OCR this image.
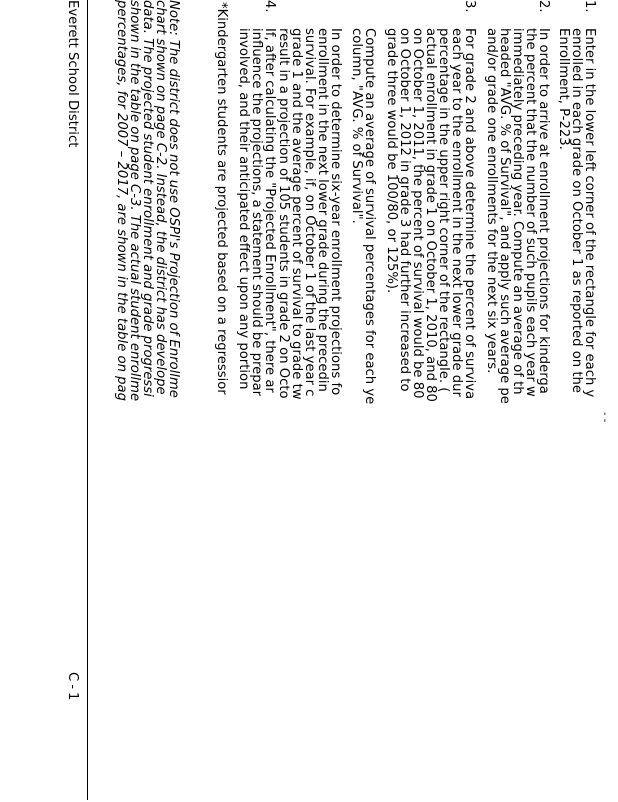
- -
1.
Enter in the lower left corner of the rectangle for each y
enrolled in each grade on October 1 as reported on the
Enrollment, P-223.
2.
In order to arrive at enrollment projections for kinderga
the percent that the number of such pupils each year w
immediately preceding year. Compute an average of th
headed "AVG. % of Survival", and apply such average pe
and/or grade one enrollments for the next six years.
3.
For grade 2 and above determine the percent of surviva
each year to the enrollment in the next lower grade dur
percentage in the upper right corner of the rectangle. (
actual enrollment in grade 1 on October 1, 2010, and 80
on October 1, 2011, the percent of survival would be 80
on October 1, 2012 in grade 3 had further increased to
grade three would be 100/80, or 125%).
Compute an average of survival percentages for each ye
column, "AVG. % of Survival".
In order to determine six-year enrollment projections fo
enrollment in the next lower grade during the precedin
survival. For example, if, on October 1 of the last year c
grade 1 and the average percent of survival to grade tw
result in a projection of 105 students in grade 2 on Octo
4.
If, after calculating the "Projected Enrollment", there ar
influence the projections, a statement should be prepar
involved, and their anticipated effect upon any portion
*Kindergarten students are projected based on a regressior
Note: The district does not use OSPI's Projection of Enrollme
chart shown on page C-2. Instead, the district has develope
data. The projected student enrollment and grade progressi
shown in the table on page C-3. The actual student enrollme
percentages, for 2007 – 2017, are shown in the table on pag
Everett School District
C-1
